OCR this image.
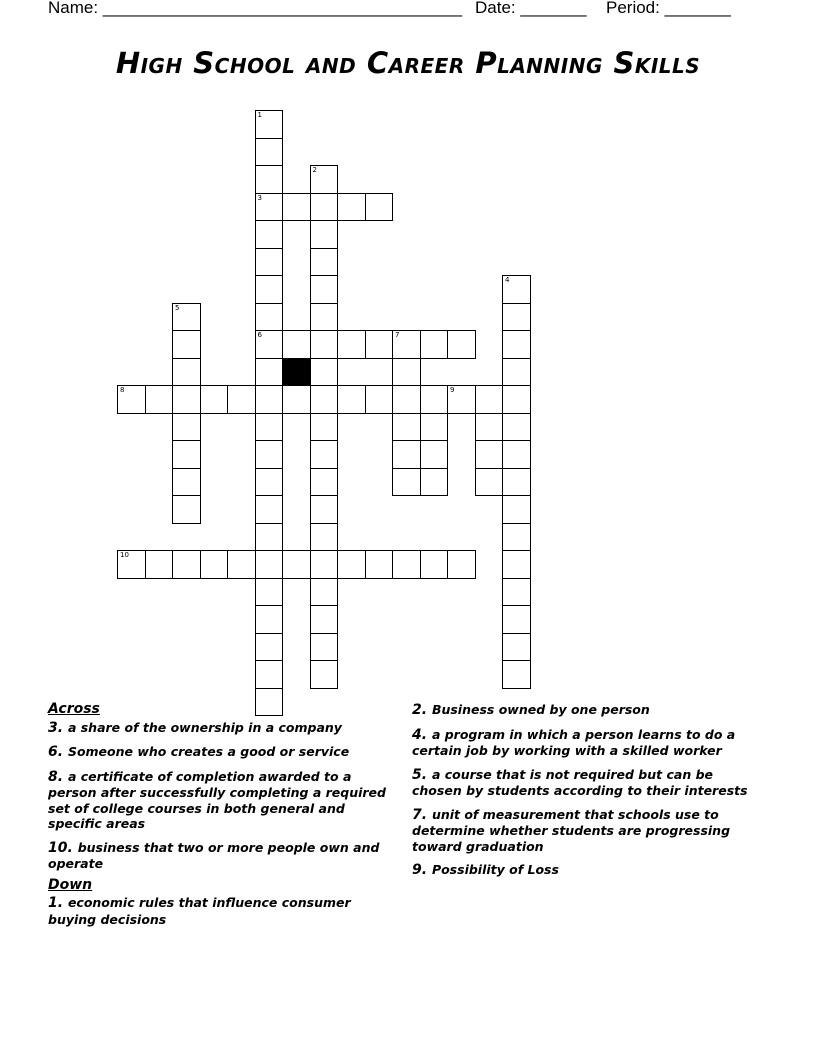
Name: ______________________________________ Date: _______ Period: _______
High School and Career Planning Skills
1
3
6
2
4
5
7
8	9
10
Across
3. a share of the ownership in a company
6. Someone who creates a good or service
8. a certificate of completion awarded to a person after successfully completing a required set of college courses in both general and specific areas
10. business that two or more people own and operate
Down
1. economic rules that influence consumer buying decisions
2. Business owned by one person
4. a program in which a person learns to do a certain job by working with a skilled worker
5. a course that is not required but can be chosen by students according to their interests
7. unit of measurement that schools use to determine whether students are progressing toward graduation
9. Possibility of Loss
